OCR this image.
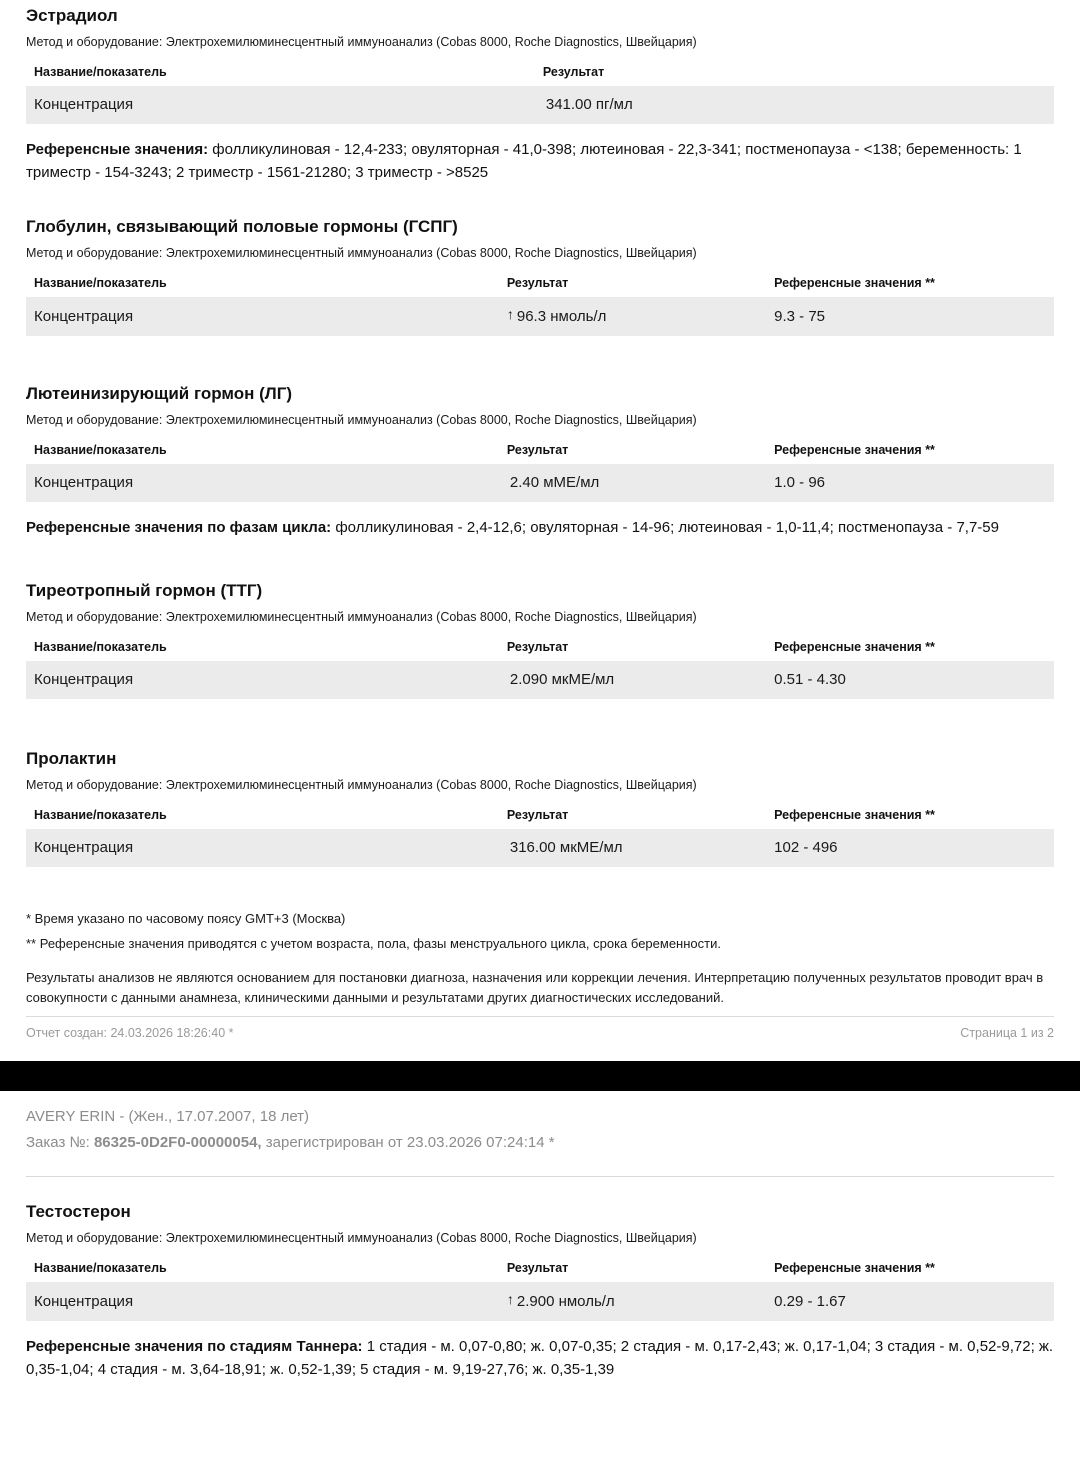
Эстрадиол

Метод и оборудование: Электрохемилюминесцентный иммуноанализ (Cobas 8000, Roche Diagnostics, Швейцария)

Название/показатель	Результат
Концентрация	341.00 пг/мл

Референсные значения: фолликулиновая - 12,4-233; овуляторная - 41,0-398; лютеиновая - 22,3-341; постменопауза - <138; беременность: 1 триместр - 154-3243; 2 триместр - 1561-21280; 3 триместр - >8525

Глобулин, связывающий половые гормоны (ГСПГ)

Метод и оборудование: Электрохемилюминесцентный иммуноанализ (Cobas 8000, Roche Diagnostics, Швейцария)

Название/показатель	Результат	Референсные значения **
Концентрация	↑ 96.3 нмоль/л	9.3 - 75
Лютеинизирующий гормон (ЛГ)

Метод и оборудование: Электрохемилюминесцентный иммуноанализ (Cobas 8000, Roche Diagnostics, Швейцария)

Название/показатель	Результат	Референсные значения **
Концентрация	2.40 мМЕ/мл	1.0 - 96

Референсные значения по фазам цикла: фолликулиновая - 2,4-12,6; овуляторная - 14-96; лютеиновая - 1,0-11,4; постменопауза - 7,7-59

Тиреотропный гормон (ТТГ)

Метод и оборудование: Электрохемилюминесцентный иммуноанализ (Cobas 8000, Roche Diagnostics, Швейцария)

Название/показатель	Результат	Референсные значения **
Концентрация	2.090 мкМЕ/мл	0.51 - 4.30
Пролактин

Метод и оборудование: Электрохемилюминесцентный иммуноанализ (Cobas 8000, Roche Diagnostics, Швейцария)

Название/показатель	Результат	Референсные значения **
Концентрация	316.00 мкМЕ/мл	102 - 496

* Время указано по часовому поясу GMT+3 (Москва)

** Референсные значения приводятся с учетом возраста, пола, фазы менструального цикла, срока беременности.

Результаты анализов не являются основанием для постановки диагноза, назначения или коррекции лечения. Интерпретацию полученных результатов проводит врач в совокупности с данными анамнеза, клиническими данными и результатами других диагностических исследований.

Отчет создан: 24.03.2026 18:26:40 *	Страница 1 из 2

AVERY ERIN - (Жен., 17.07.2007, 18 лет)

Заказ №: 86325-0D2F0-00000054, зарегистрирован от 23.03.2026 07:24:14 *

Тестостерон

Метод и оборудование: Электрохемилюминесцентный иммуноанализ (Cobas 8000, Roche Diagnostics, Швейцария)

Название/показатель	Результат	Референсные значения **
Концентрация	↑ 2.900 нмоль/л	0.29 - 1.67

Референсные значения по стадиям Таннера: 1 стадия - м. 0,07-0,80; ж. 0,07-0,35; 2 стадия - м. 0,17-2,43; ж. 0,17-1,04; 3 стадия - м. 0,52-9,72; ж. 0,35-1,04; 4 стадия - м. 3,64-18,91; ж. 0,52-1,39; 5 стадия - м. 9,19-27,76; ж. 0,35-1,39
